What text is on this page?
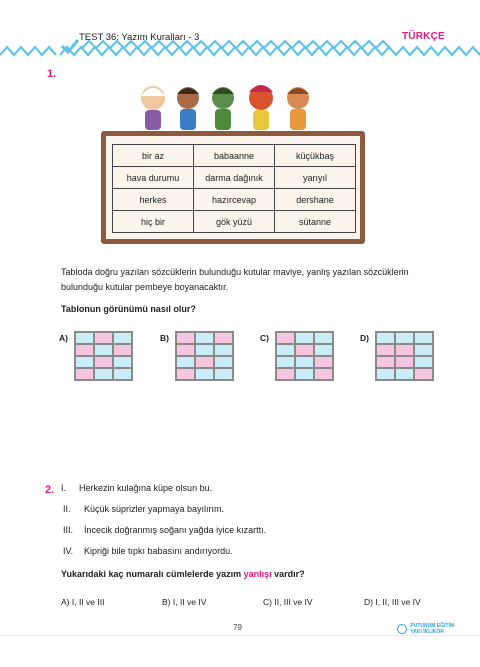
TEST 36: Yazım Kuralları - 3	TÜRKÇE
1.
bir az	babaanne	küçükbaş
hava durumu	darma dağınık	yarıyıl
herkes	hazırcevap	dershane
hiç bir	gök yüzü	sütanne
Tabloda doğru yazılan sözcüklerin bulunduğu kutular maviye, yanlış yazılan sözcüklerin
bulunduğu kutular pembeye boyanacaktır.
Tablonun görünümü nasıl olur?
A)	B)	C)	D)
2. I. Herkezin kulağına küpe olsun bu.
II. Küçük süprizler yapmaya bayılırım.
III. İncecik doğranmış soğanı yağda iyice kızarttı.
IV. Kipriği bile tıpkı babasını andırıyordu.
Yukarıdaki kaç numaralı cümlelerde yazım yanlışı vardır?
A) I, II ve III	B) I, II ve IV	C) II, III ve IV	D) I, II, III ve IV
79	PUTUNUM EĞİTİM
YAKI İKLİKÖR
